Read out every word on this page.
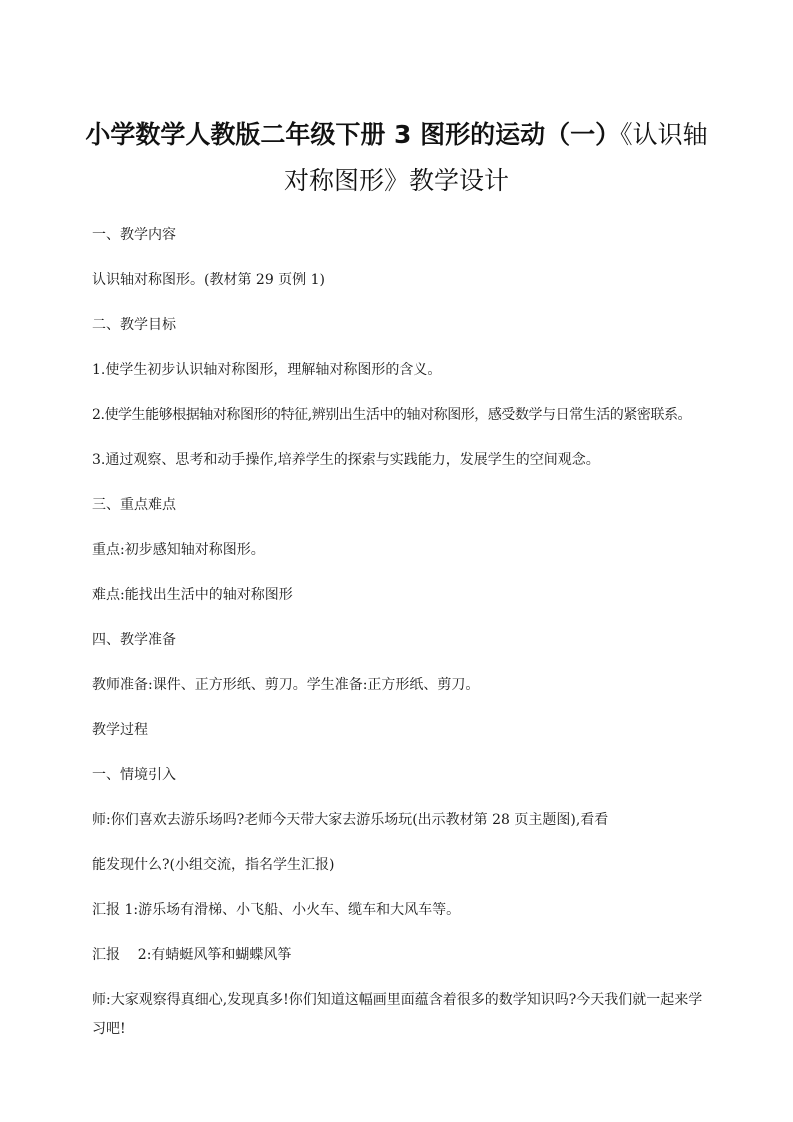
小学数学人教版二年级下册 3 图形的运动（一）《认识轴
对称图形》教学设计
一、教学内容
认识轴对称图形。(教材第 29 页例 1)
二、教学目标
1.使学生初步认识轴对称图形，理解轴对称图形的含义。
2.使学生能够根据轴对称图形的特征,辨别出生活中的轴对称图形，感受数学与日常生活的紧密联系。
3.通过观察、思考和动手操作,培养学生的探索与实践能力，发展学生的空间观念。
三、重点难点
重点:初步感知轴对称图形。
难点:能找出生活中的轴对称图形
四、教学准备
教师准备:课件、正方形纸、剪刀。学生准备:正方形纸、剪刀。
教学过程
一、情境引入
师:你们喜欢去游乐场吗?老师今天带大家去游乐场玩(出示教材第 28 页主题图),看看
能发现什么?(小组交流，指名学生汇报)
汇报 1:游乐场有滑梯、小飞船、小火车、缆车和大风车等。
汇报    2:有蜻蜓风筝和蝴蝶风筝
师:大家观察得真细心,发现真多!你们知道这幅画里面蕴含着很多的数学知识吗?今天我们就一起来学习吧!
